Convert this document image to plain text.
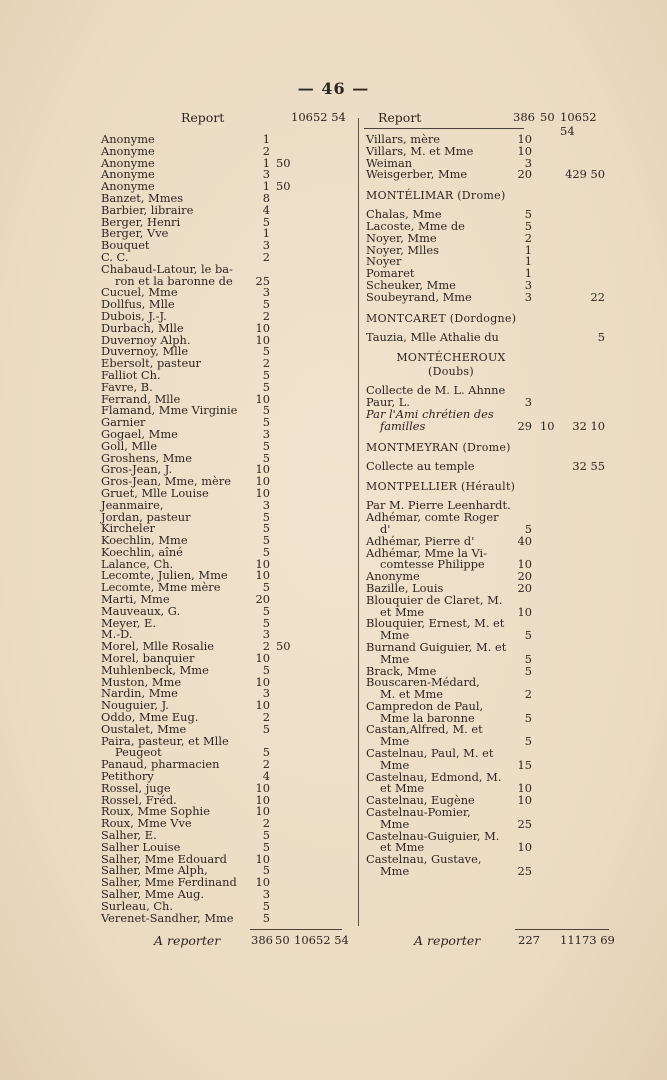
— 46 —
Report	10652 54
Anonyme	1
Anonyme	2
Anonyme	1 50
Anonyme	3
Anonyme	1 50
Banzet, Mmes	8
Barbier, libraire	4
Berger, Henri	5
Berger, Vve	1
Bouquet	3
C. C.	2
Chabaud-Latour, le ba-
ron et la baronne de	25
Cucuel, Mme	3
Dollfus, Mlle	5
Dubois, J.-J.	2
Durbach, Mlle	10
Duvernoy Alph.	10
Duvernoy, Mlle	5
Ebersolt, pasteur	2
Falliot Ch.	5
Favre, B.	5
Ferrand, Mlle	10
Flamand, Mme Virginie	5
Garnier	5
Gogael, Mme	3
Goll, Mlle	5
Groshens, Mme	5
Gros-Jean, J.	10
Gros-Jean, Mme, mère	10
Gruet, Mlle Louise	10
Jeanmaire,	3
Jordan, pasteur	5
Kircheler	5
Koechlin, Mme	5
Koechlin, aîné	5
Lalance, Ch.	10
Lecomte, Julien, Mme	10
Lecomte, Mme mère	5
Marti, Mme	20
Mauveaux, G.	5
Meyer, E.	5
M.-D.	3
Morel, Mlle Rosalie	2 50
Morel, banquier	10
Muhlenbeck, Mme	5
Muston, Mme	10
Nardin, Mme	3
Nouguier, J.	10
Oddo, Mme Eug.	2
Oustalet, Mme	5
Paira, pasteur, et Mlle
Peugeot	5
Panaud, pharmacien	2
Petithory	4
Rossel, juge	10
Rossel, Fréd.	10
Roux, Mme Sophie	10
Roux, Mme Vve	2
Salher, E.	5
Salher Louise	5
Salher, Mme Edouard	10
Salher, Mme Alph,	5
Salher, Mme Ferdinand	10
Salher, Mme Aug.	3
Surleau, Ch.	5
Verenet-Sandher, Mme	5
Report	386 50 10652 54
Villars, mère	10
Villars, M. et Mme	10
Weiman	3
Weisgerber, Mme	20	429 50
MONTÉLIMAR (Drome)
Chalas, Mme	5
Lacoste, Mme de	5
Noyer, Mme	2
Noyer, Mlles	1
Noyer	1
Pomaret	1
Scheuker, Mme	3
Soubeyrand, Mme	3	22
MONTCARET (Dordogne)
Tauzia, Mlle Athalie du	5
MONTÉCHEROUX
(Doubs)
Collecte de M. L. Ahnne
Paur, L.	3
Par l'Ami chrétien des
familles	29 10	32 10
MONTMEYRAN (Drome)
Collecte au temple	32 55
MONTPELLIER (Hérault)
Par M. Pierre Leenhardt.
Adhémar, comte Roger
d'	5
Adhémar, Pierre d'	40
Adhémar, Mme la Vi-
comtesse Philippe	10
Anonyme	20
Bazille, Louis	20
Blouquier de Claret, M.
et Mme	10
Blouquier, Ernest, M. et
Mme	5
Burnand Guiguier, M. et
Mme	5
Brack, Mme	5
Bouscaren-Médard,
M. et Mme	2
Campredon de Paul,
Mme la baronne	5
Castan,Alfred, M. et
Mme	5
Castelnau, Paul, M. et
Mme	15
Castelnau, Edmond, M.
et Mme	10
Castelnau, Eugène	10
Castelnau-Pomier,
Mme	25
Castelnau-Guiguier, M.
et Mme	10
Castelnau, Gustave,
Mme	25
A reporter	386 50 10652 54	A reporter	227 11173 69
